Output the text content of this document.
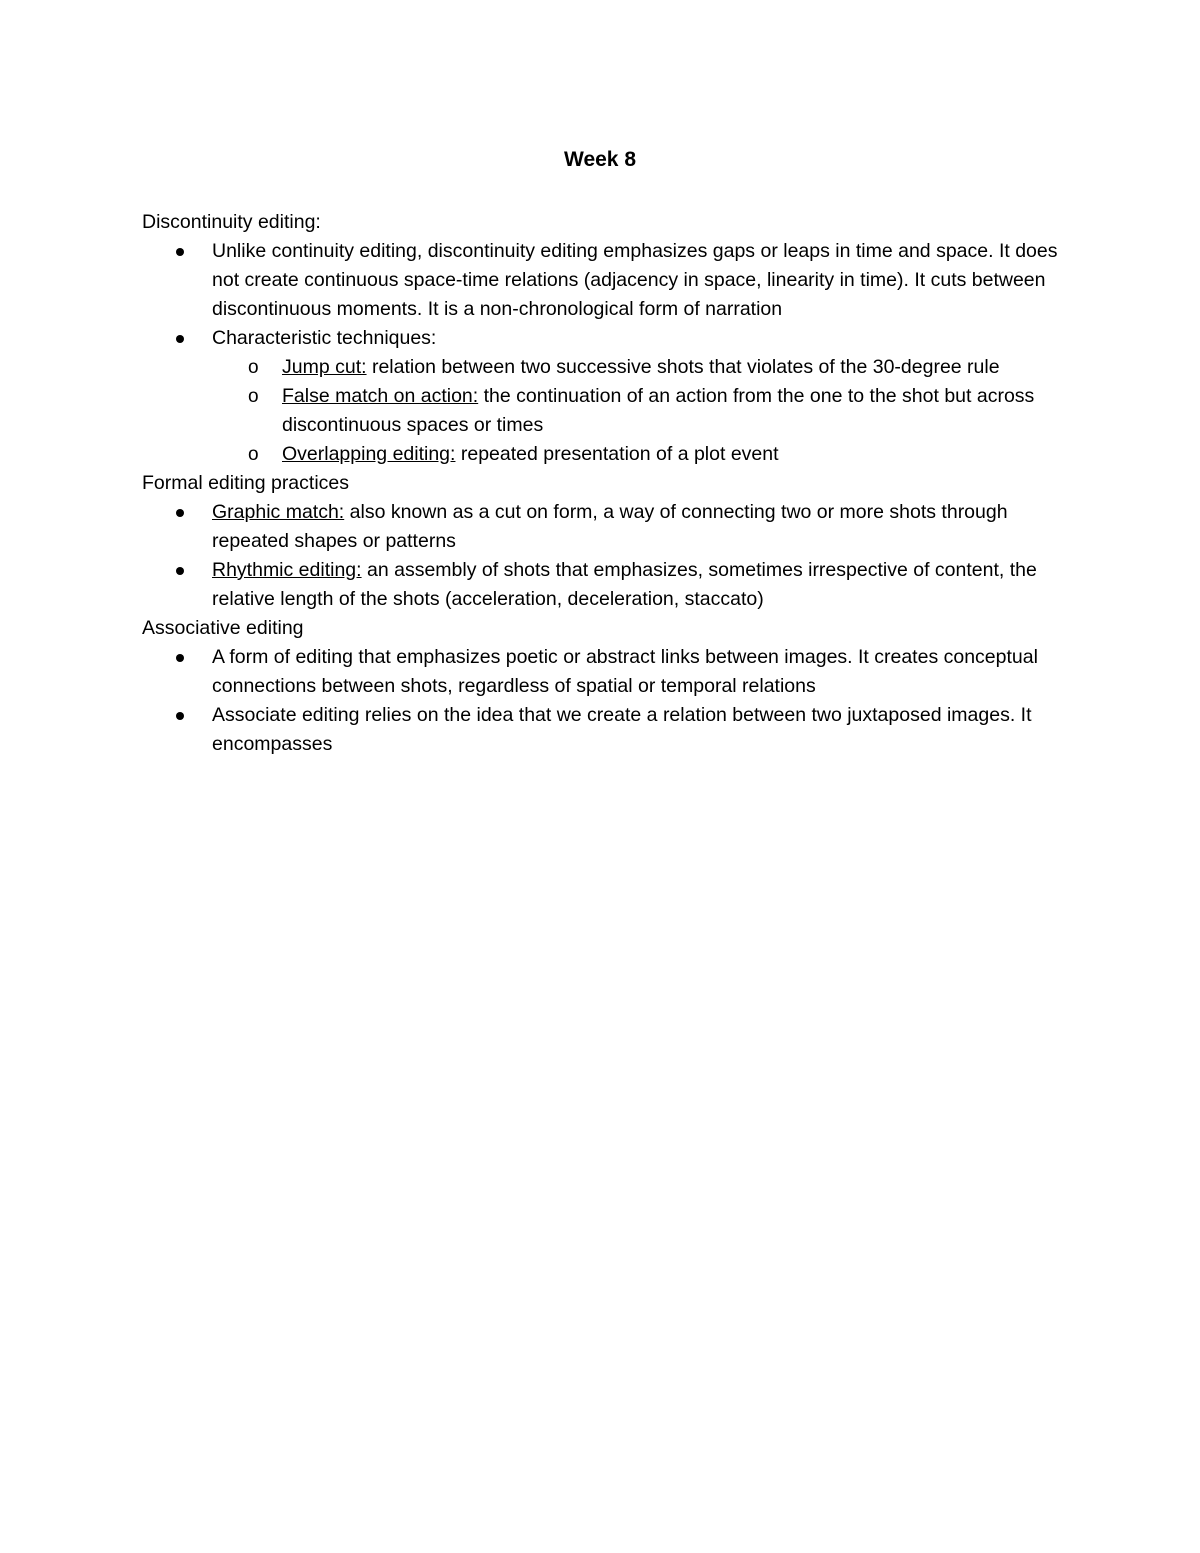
Week 8
Discontinuity editing:
Unlike continuity editing, discontinuity editing emphasizes gaps or leaps in time and space. It does not create continuous space-time relations (adjacency in space, linearity in time). It cuts between discontinuous moments. It is a non-chronological form of narration
Characteristic techniques:
o Jump cut: relation between two successive shots that violates of the 30-degree rule
o False match on action: the continuation of an action from the one to the shot but across discontinuous spaces or times
o Overlapping editing: repeated presentation of a plot event
Formal editing practices
Graphic match: also known as a cut on form, a way of connecting two or more shots through repeated shapes or patterns
Rhythmic editing: an assembly of shots that emphasizes, sometimes irrespective of content, the relative length of the shots (acceleration, deceleration, staccato)
Associative editing
A form of editing that emphasizes poetic or abstract links between images. It creates conceptual connections between shots, regardless of spatial or temporal relations
Associate editing relies on the idea that we create a relation between two juxtaposed images. It encompasses
